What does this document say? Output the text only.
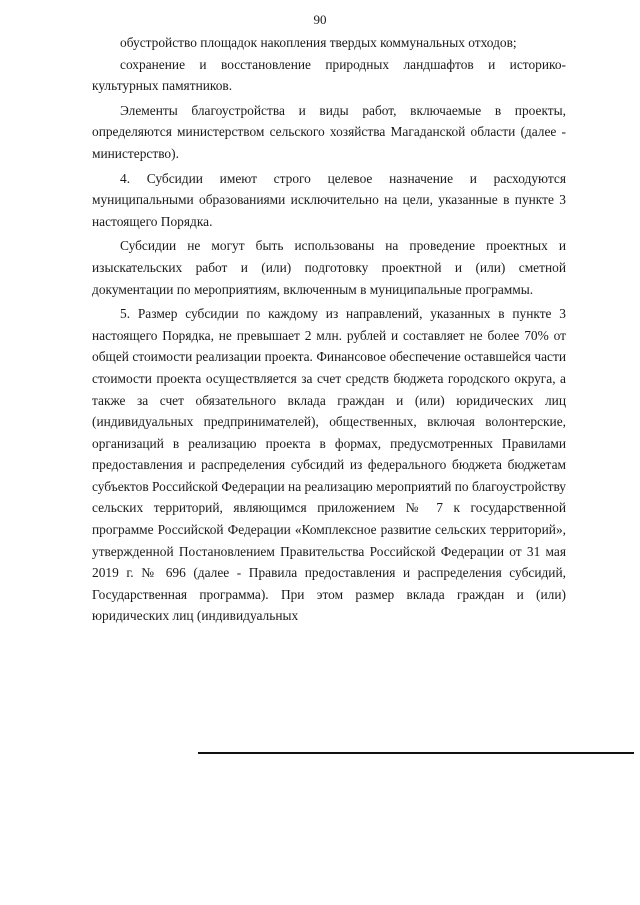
90

обустройство площадок накопления твердых коммунальных отходов;

сохранение и восстановление природных ландшафтов и историко-культурных памятников.

Элементы благоустройства и виды работ, включаемые в проекты, определяются министерством сельского хозяйства Магаданской области (далее - министерство).

4. Субсидии имеют строго целевое назначение и расходуются муниципальными образованиями исключительно на цели, указанные в пункте 3 настоящего Порядка.

Субсидии не могут быть использованы на проведение проектных и изыскательских работ и (или) подготовку проектной и (или) сметной документации по мероприятиям, включенным в муниципальные программы.

5. Размер субсидии по каждому из направлений, указанных в пункте 3 настоящего Порядка, не превышает 2 млн. рублей и составляет не более 70% от общей стоимости реализации проекта. Финансовое обеспечение оставшейся части стоимости проекта осуществляется за счет средств бюджета городского округа, а также за счет обязательного вклада граждан и (или) юридических лиц (индивидуальных предпринимателей), общественных, включая волонтерские, организаций в реализацию проекта в формах, предусмотренных Правилами предоставления и распределения субсидий из федерального бюджета бюджетам субъектов Российской Федерации на реализацию мероприятий по благоустройству сельских территорий, являющимся приложением № 7 к государственной программе Российской Федерации «Комплексное развитие сельских территорий», утвержденной Постановлением Правительства Российской Федерации от 31 мая 2019 г. № 696 (далее - Правила предоставления и распределения субсидий, Государственная программа). При этом размер вклада граждан и (или) юридических лиц (индивидуальных
